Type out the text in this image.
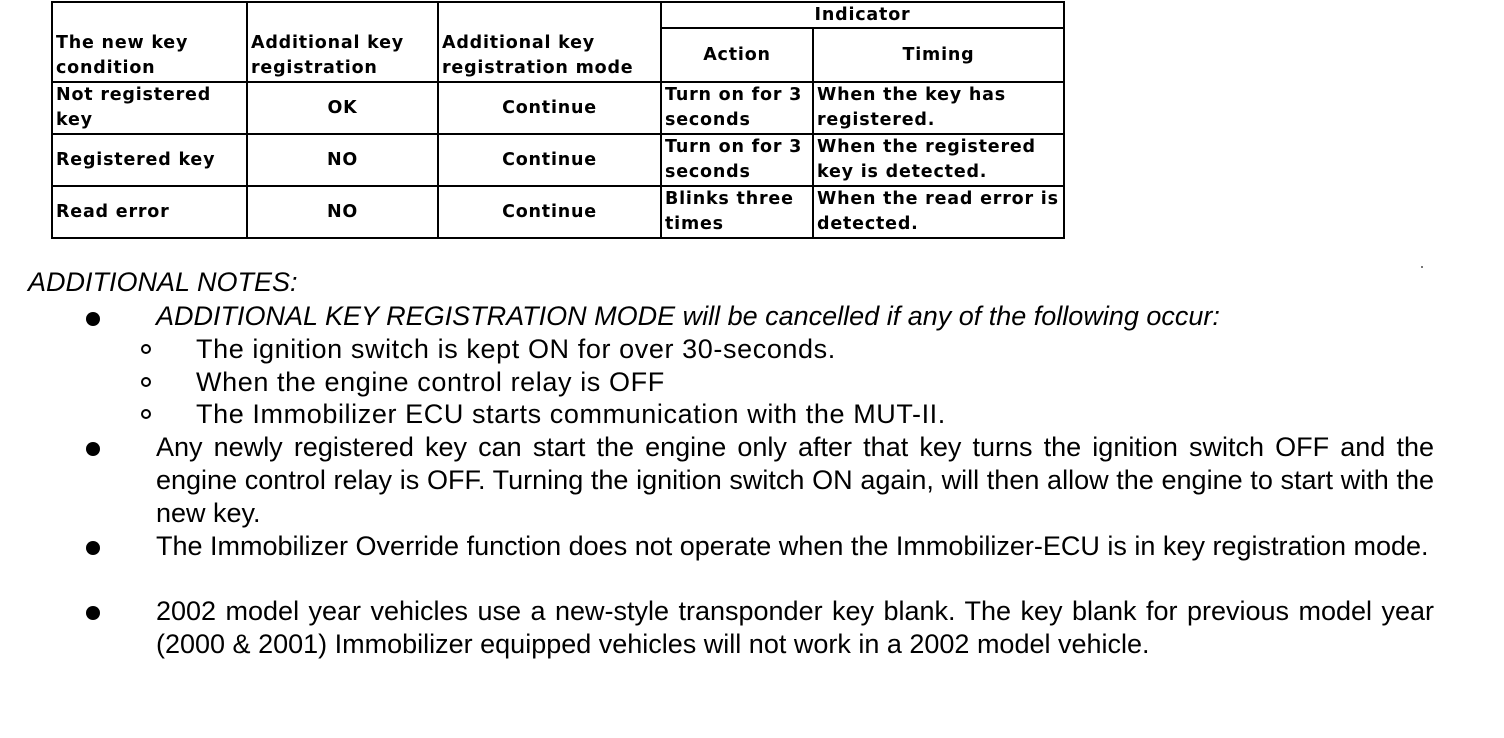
The new key condition	Additional key registration	Additional key registration mode	Indicator	
			Action	Timing
Not registered key	OK	Continue	Turn on for 3 seconds	When the key has registered.
Registered key	NO	Continue	Turn on for 3 seconds	When the registered key is detected.
Read error	NO	Continue	Blinks three times	When the read error is detected.
ADDITIONAL NOTES:
ADDITIONAL KEY REGISTRATION MODE will be cancelled if any of the following occur:
The ignition switch is kept ON for over 30-seconds.
When the engine control relay is OFF
The Immobilizer ECU starts communication with the MUT-II.
Any newly registered key can start the engine only after that key turns the ignition switch OFF and the engine control relay is OFF. Turning the ignition switch ON again, will then allow the engine to start with the new key.
The Immobilizer Override function does not operate when the Immobilizer-ECU is in key registration mode.
2002 model year vehicles use a new-style transponder key blank. The key blank for previous model year (2000 & 2001) Immobilizer equipped vehicles will not work in a 2002 model vehicle.
